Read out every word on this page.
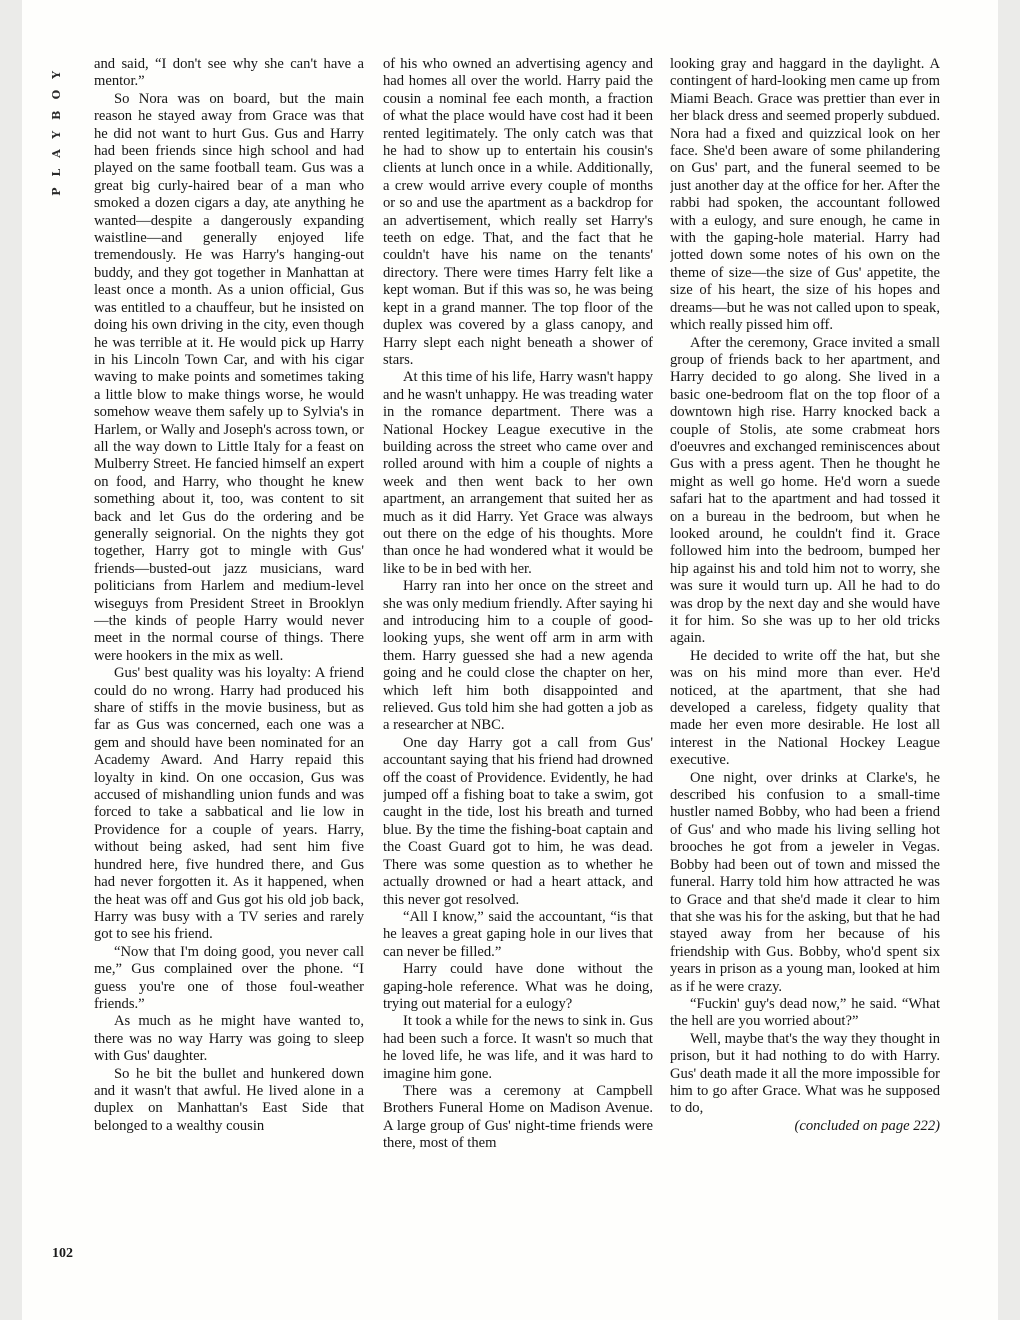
PLAYBOY and said, “I don't see why she can't have a mentor.”

So Nora was on board, but the main reason he stayed away from Grace was that he did not want to hurt Gus. Gus and Harry had been friends since high school and had played on the same football team. Gus was a great big curly-haired bear of a man who smoked a dozen cigars a day, ate anything he wanted—despite a dangerously expanding waistline—and generally enjoyed life tremendously. He was Harry's hanging-out buddy, and they got together in Manhattan at least once a month. As a union official, Gus was entitled to a chauffeur, but he insisted on doing his own driving in the city, even though he was terrible at it. He would pick up Harry in his Lincoln Town Car, and with his cigar waving to make points and sometimes taking a little blow to make things worse, he would somehow weave them safely up to Sylvia's in Harlem, or Wally and Joseph's across town, or all the way down to Little Italy for a feast on Mulberry Street. He fancied himself an expert on food, and Harry, who thought he knew something about it, too, was content to sit back and let Gus do the ordering and be generally seignorial. On the nights they got together, Harry got to mingle with Gus' friends—busted-out jazz musicians, ward politicians from Harlem and medium-level wiseguys from President Street in Brooklyn—the kinds of people Harry would never meet in the normal course of things. There were hookers in the mix as well.

Gus' best quality was his loyalty: A friend could do no wrong. Harry had produced his share of stiffs in the movie business, but as far as Gus was concerned, each one was a gem and should have been nominated for an Academy Award. And Harry repaid this loyalty in kind. On one occasion, Gus was accused of mishandling union funds and was forced to take a sabbatical and lie low in Providence for a couple of years. Harry, without being asked, had sent him five hundred here, five hundred there, and Gus had never forgotten it. As it happened, when the heat was off and Gus got his old job back, Harry was busy with a TV series and rarely got to see his friend.

“Now that I'm doing good, you never call me,” Gus complained over the phone. “I guess you're one of those foul-weather friends.”

As much as he might have wanted to, there was no way Harry was going to sleep with Gus' daughter.

So he bit the bullet and hunkered down and it wasn't that awful. He lived alone in a duplex on Manhattan's East Side that belonged to a wealthy cousin

of his who owned an advertising agency and had homes all over the world. Harry paid the cousin a nominal fee each month, a fraction of what the place would have cost had it been rented legitimately. The only catch was that he had to show up to entertain his cousin's clients at lunch once in a while. Additionally, a crew would arrive every couple of months or so and use the apartment as a backdrop for an advertisement, which really set Harry's teeth on edge. That, and the fact that he couldn't have his name on the tenants' directory. There were times Harry felt like a kept woman. But if this was so, he was being kept in a grand manner. The top floor of the duplex was covered by a glass canopy, and Harry slept each night beneath a shower of stars.

At this time of his life, Harry wasn't happy and he wasn't unhappy. He was treading water in the romance department. There was a National Hockey League executive in the building across the street who came over and rolled around with him a couple of nights a week and then went back to her own apartment, an arrangement that suited her as much as it did Harry. Yet Grace was always out there on the edge of his thoughts. More than once he had wondered what it would be like to be in bed with her.

Harry ran into her once on the street and she was only medium friendly. After saying hi and introducing him to a couple of good-looking yups, she went off arm in arm with them. Harry guessed she had a new agenda going and he could close the chapter on her, which left him both disappointed and relieved. Gus told him she had gotten a job as a researcher at NBC.

One day Harry got a call from Gus' accountant saying that his friend had drowned off the coast of Providence. Evidently, he had jumped off a fishing boat to take a swim, got caught in the tide, lost his breath and turned blue. By the time the fishing-boat captain and the Coast Guard got to him, he was dead. There was some question as to whether he actually drowned or had a heart attack, and this never got resolved.

“All I know,” said the accountant, “is that he leaves a great gaping hole in our lives that can never be filled.”

Harry could have done without the gaping-hole reference. What was he doing, trying out material for a eulogy?

It took a while for the news to sink in. Gus had been such a force. It wasn't so much that he loved life, he was life, and it was hard to imagine him gone.

There was a ceremony at Campbell Brothers Funeral Home on Madison Avenue. A large group of Gus' night-time friends were there, most of them

looking gray and haggard in the daylight. A contingent of hard-looking men came up from Miami Beach. Grace was prettier than ever in her black dress and seemed properly subdued. Nora had a fixed and quizzical look on her face. She'd been aware of some philandering on Gus' part, and the funeral seemed to be just another day at the office for her. After the rabbi had spoken, the accountant followed with a eulogy, and sure enough, he came in with the gaping-hole material. Harry had jotted down some notes of his own on the theme of size—the size of Gus' appetite, the size of his heart, the size of his hopes and dreams—but he was not called upon to speak, which really pissed him off.

After the ceremony, Grace invited a small group of friends back to her apartment, and Harry decided to go along. She lived in a basic one-bedroom flat on the top floor of a downtown high rise. Harry knocked back a couple of Stolis, ate some crabmeat hors d'oeuvres and exchanged reminiscences about Gus with a press agent. Then he thought he might as well go home. He'd worn a suede safari hat to the apartment and had tossed it on a bureau in the bedroom, but when he looked around, he couldn't find it. Grace followed him into the bedroom, bumped her hip against his and told him not to worry, she was sure it would turn up. All he had to do was drop by the next day and she would have it for him. So she was up to her old tricks again.

He decided to write off the hat, but she was on his mind more than ever. He'd noticed, at the apartment, that she had developed a careless, fidgety quality that made her even more desirable. He lost all interest in the National Hockey League executive.

One night, over drinks at Clarke's, he described his confusion to a small-time hustler named Bobby, who had been a friend of Gus' and who made his living selling hot brooches he got from a jeweler in Vegas. Bobby had been out of town and missed the funeral. Harry told him how attracted he was to Grace and that she'd made it clear to him that she was his for the asking, but that he had stayed away from her because of his friendship with Gus. Bobby, who'd spent six years in prison as a young man, looked at him as if he were crazy.

“Fuckin' guy's dead now,” he said. “What the hell are you worried about?”

Well, maybe that's the way they thought in prison, but it had nothing to do with Harry. Gus' death made it all the more impossible for him to go after Grace. What was he supposed to do,

(concluded on page 222)
102
